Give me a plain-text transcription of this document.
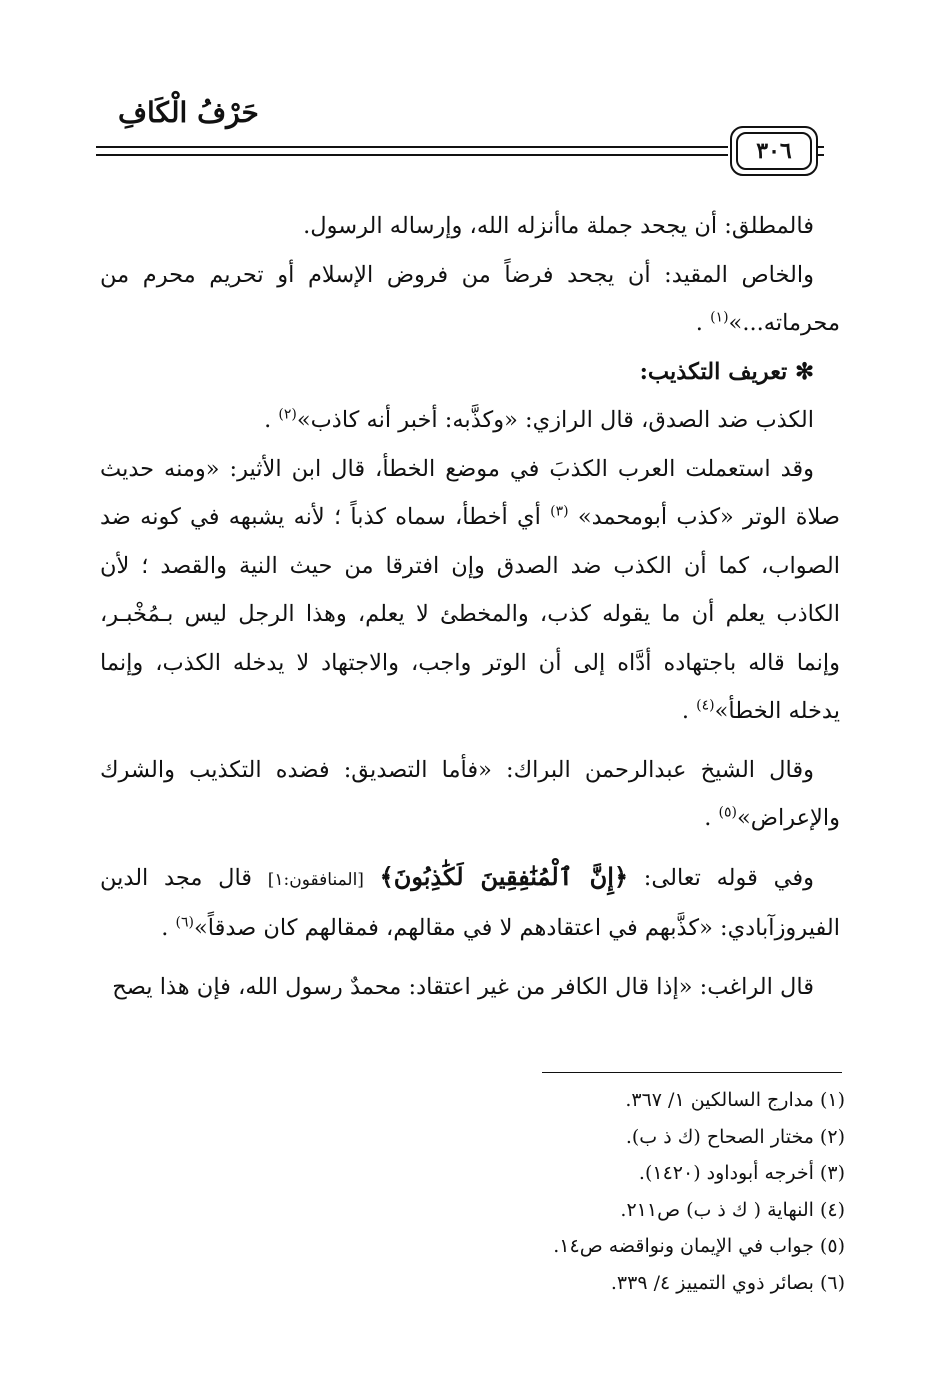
حَرْفُ الْكَافِ
٣٠٦

فالمطلق: أن يجحد جملة ماأنزله الله، وإرساله الرسول.

والخاص المقيد: أن يجحد فرضاً من فروض الإسلام أو تحريم محرم من محرماته...»$^{(١)}$ .

✻ تعريف التكذيب:

الكذب ضد الصدق، قال الرازي: «وكذَّبه: أخبر أنه كاذب»$^{(٢)}$ .

وقد استعملت العرب الكذبَ في موضع الخطأ، قال ابن الأثير: «ومنه حديث صلاة الوتر «كذب أبومحمد» $^{(٣)}$ أي أخطأ، سماه كذباً ؛ لأنه يشبهه في كونه ضد الصواب، كما أن الكذب ضد الصدق وإن افترقا من حيث النية والقصد ؛ لأن الكاذب يعلم أن ما يقوله كذب، والمخطئ لا يعلم، وهذا الرجل ليس بـمُخْبـر، وإنما قاله باجتهاده أدَّاه إلى أن الوتر واجب، والاجتهاد لا يدخله الكذب، وإنما يدخله الخطأ»$^{(٤)}$ .

وقال الشيخ عبدالرحمن البراك: «فأما التصديق: فضده التكذيب والشرك والإعراض»$^{(٥)}$ .

وفي قوله تعالى: ﴿إِنَّ ٱلْمُنَٰفِقِينَ لَكَٰذِبُونَ﴾ [المنافقون:١] قال مجد الدين الفيروزآبادي: «كذَّبهم في اعتقادهم لا في مقالهم، فمقالهم كان صدقاً»$^{(٦)}$ .

قال الراغب: «إذا قال الكافر من غير اعتقاد: محمدٌ رسول الله، فإن هذا يصح

(١) مدارج السالكين ١/ ٣٦٧.
(٢) مختار الصحاح (ك ذ ب).
(٣) أخرجه أبوداود (١٤٢٠).
(٤) النهاية ( ك ذ ب) ص٢١١.
(٥) جواب في الإيمان ونواقضه ص١٤.
(٦) بصائر ذوي التمييز ٤/ ٣٣٩.
